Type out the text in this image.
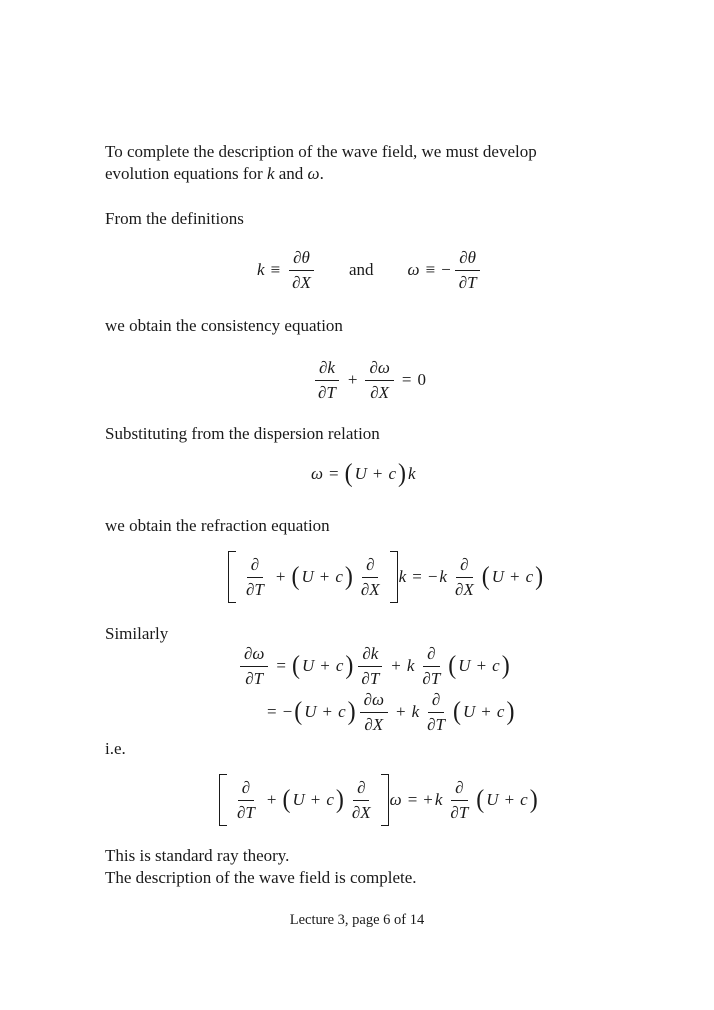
To complete the description of the wave field, we must develop
evolution equations for k and ω.
From the definitions
$k \equiv \frac{\partial\theta}{\partial X}$ and ω ≡ − $\frac{\partial\theta}{\partial T}$
we obtain the consistency equation
$\frac{\partial k}{\partial T} + \frac{\partial\omega}{\partial X} = 0$
Substituting from the dispersion relation
ω = ( U + c ) k
we obtain the refraction equation
$\frac{\partial}{\partial T}$ + ( U + c ) $\frac{\partial}{\partial X}$ k = − k $\frac{\partial}{\partial X}$ ( U + c )
Similarly
$\frac{\partial\omega}{\partial T}$ = ( U + c ) $\frac{\partial k}{\partial T} + k \frac{\partial}{\partial T}$ ( U + c )
= − ( U + c ) $\frac{\partial\omega}{\partial X} + k \frac{\partial}{\partial T}$ ( U + c )
i.e.
$\frac{\partial}{\partial T}$ + ( U + c ) $\frac{\partial}{\partial X}$ ω = + k $\frac{\partial}{\partial T}$ ( U + c )
This is standard ray theory.
The description of the wave field is complete.
Lecture 3, page 6 of 14
